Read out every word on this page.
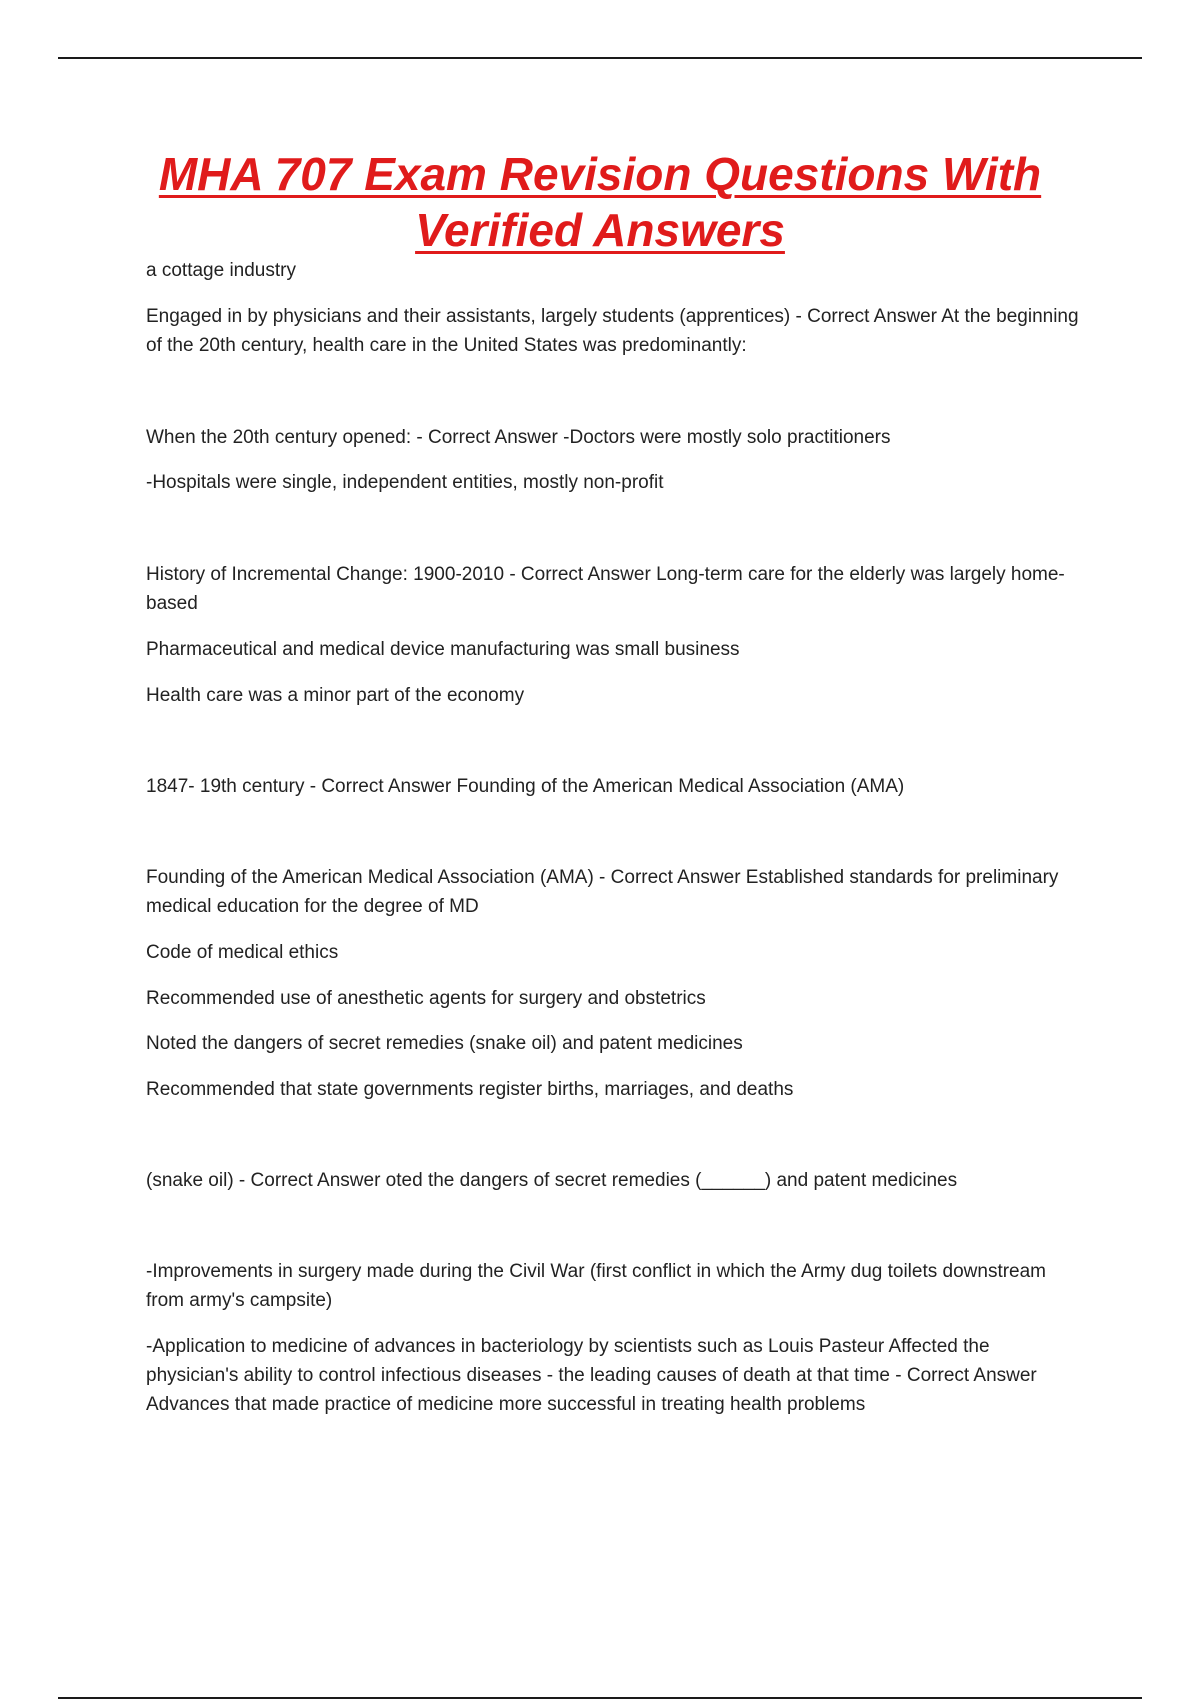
MHA 707 Exam Revision Questions With
Verified Answers

a cottage industry

Engaged in by physicians and their assistants, largely students (apprentices) - Correct Answer At the beginning of the 20th century, health care in the United States was predominantly:

When the 20th century opened: - Correct Answer -Doctors were mostly solo practitioners

-Hospitals were single, independent entities, mostly non-profit

History of Incremental Change: 1900-2010 - Correct Answer Long-term care for the elderly was largely home-based

Pharmaceutical and medical device manufacturing was small business

Health care was a minor part of the economy

1847- 19th century - Correct Answer Founding of the American Medical Association (AMA)

Founding of the American Medical Association (AMA) - Correct Answer Established standards for preliminary medical education for the degree of MD

Code of medical ethics

Recommended use of anesthetic agents for surgery and obstetrics

Noted the dangers of secret remedies (snake oil) and patent medicines

Recommended that state governments register births, marriages, and deaths

(snake oil) - Correct Answer oted the dangers of secret remedies (______) and patent medicines

-Improvements in surgery made during the Civil War (first conflict in which the Army dug toilets downstream from army's campsite)

-Application to medicine of advances in bacteriology by scientists such as Louis Pasteur Affected the physician's ability to control infectious diseases - the leading causes of death at that time - Correct Answer Advances that made practice of medicine more successful in treating health problems
